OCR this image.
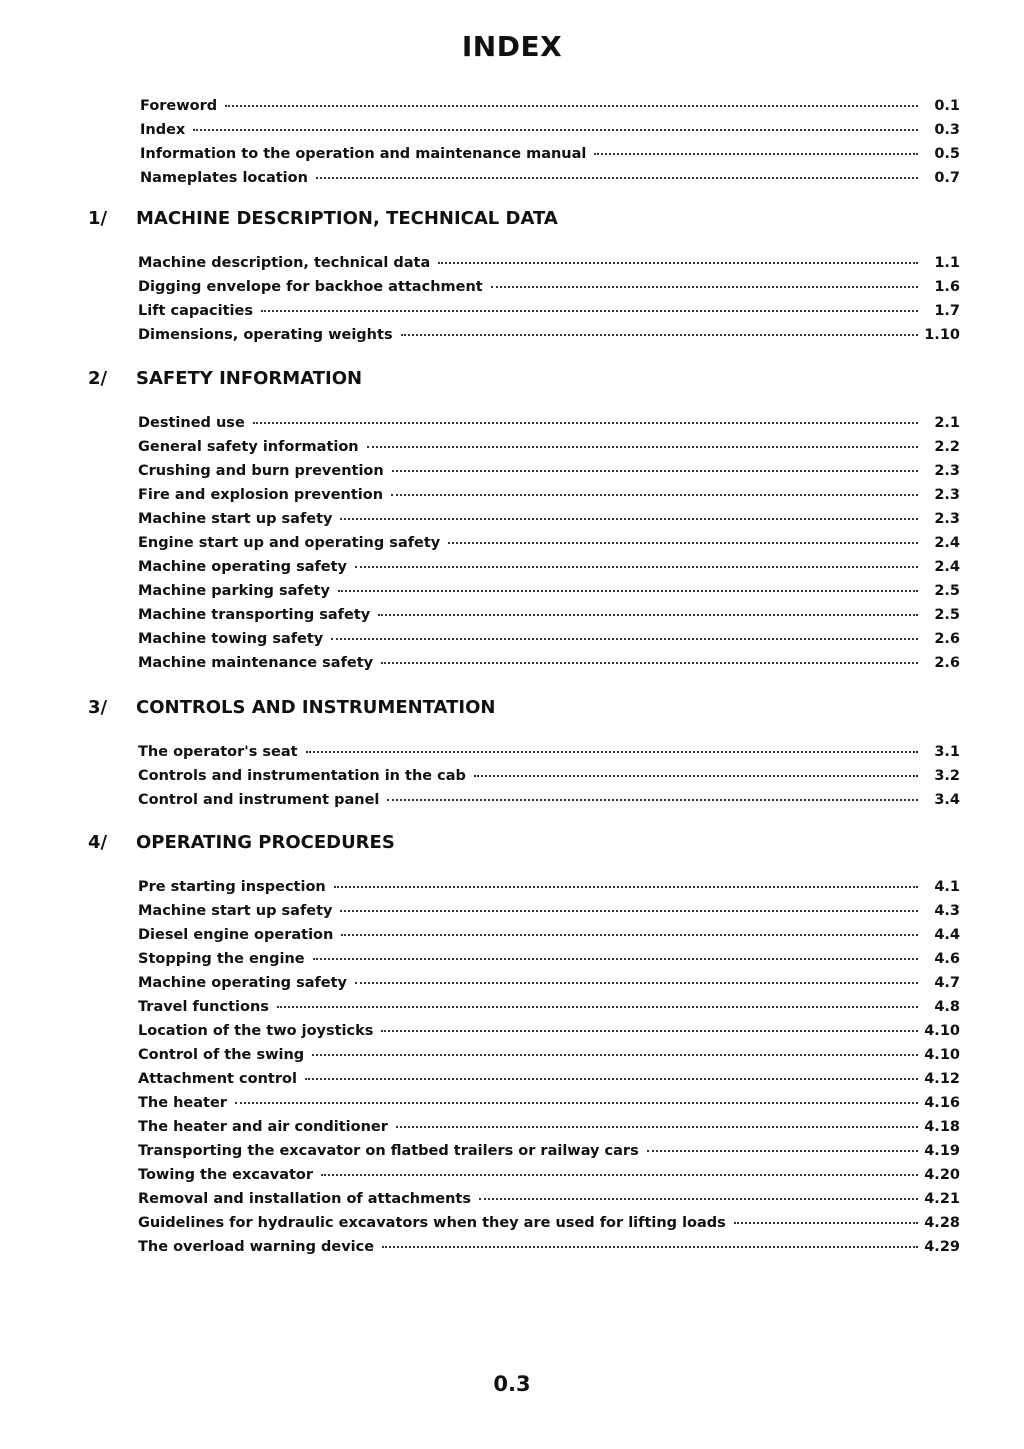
INDEX
Foreword	0.1
Index	0.3
Information to the operation and maintenance manual	0.5
Nameplates location	0.7
1/	MACHINE DESCRIPTION, TECHNICAL DATA
Machine description, technical data	1.1
Digging envelope for backhoe attachment	1.6
Lift capacities	1.7
Dimensions, operating weights	1.10
2/	SAFETY INFORMATION
Destined use	2.1
General safety information	2.2
Crushing and burn prevention	2.3
Fire and explosion prevention	2.3
Machine start up safety	2.3
Engine start up and operating safety	2.4
Machine operating safety	2.4
Machine parking safety	2.5
Machine transporting safety	2.5
Machine towing safety	2.6
Machine maintenance safety	2.6
3/	CONTROLS AND INSTRUMENTATION
The operator's seat	3.1
Controls and instrumentation in the cab	3.2
Control and instrument panel	3.4
4/	OPERATING PROCEDURES
Pre starting inspection	4.1
Machine start up safety	4.3
Diesel engine operation	4.4
Stopping the engine	4.6
Machine operating safety	4.7
Travel functions	4.8
Location of the two joysticks	4.10
Control of the swing	4.10
Attachment control	4.12
The heater	4.16
The heater and air conditioner	4.18
Transporting the excavator on flatbed trailers or railway cars	4.19
Towing the excavator	4.20
Removal and installation of attachments	4.21
Guidelines for hydraulic excavators when they are used for lifting loads	4.28
The overload warning device	4.29
0.3
